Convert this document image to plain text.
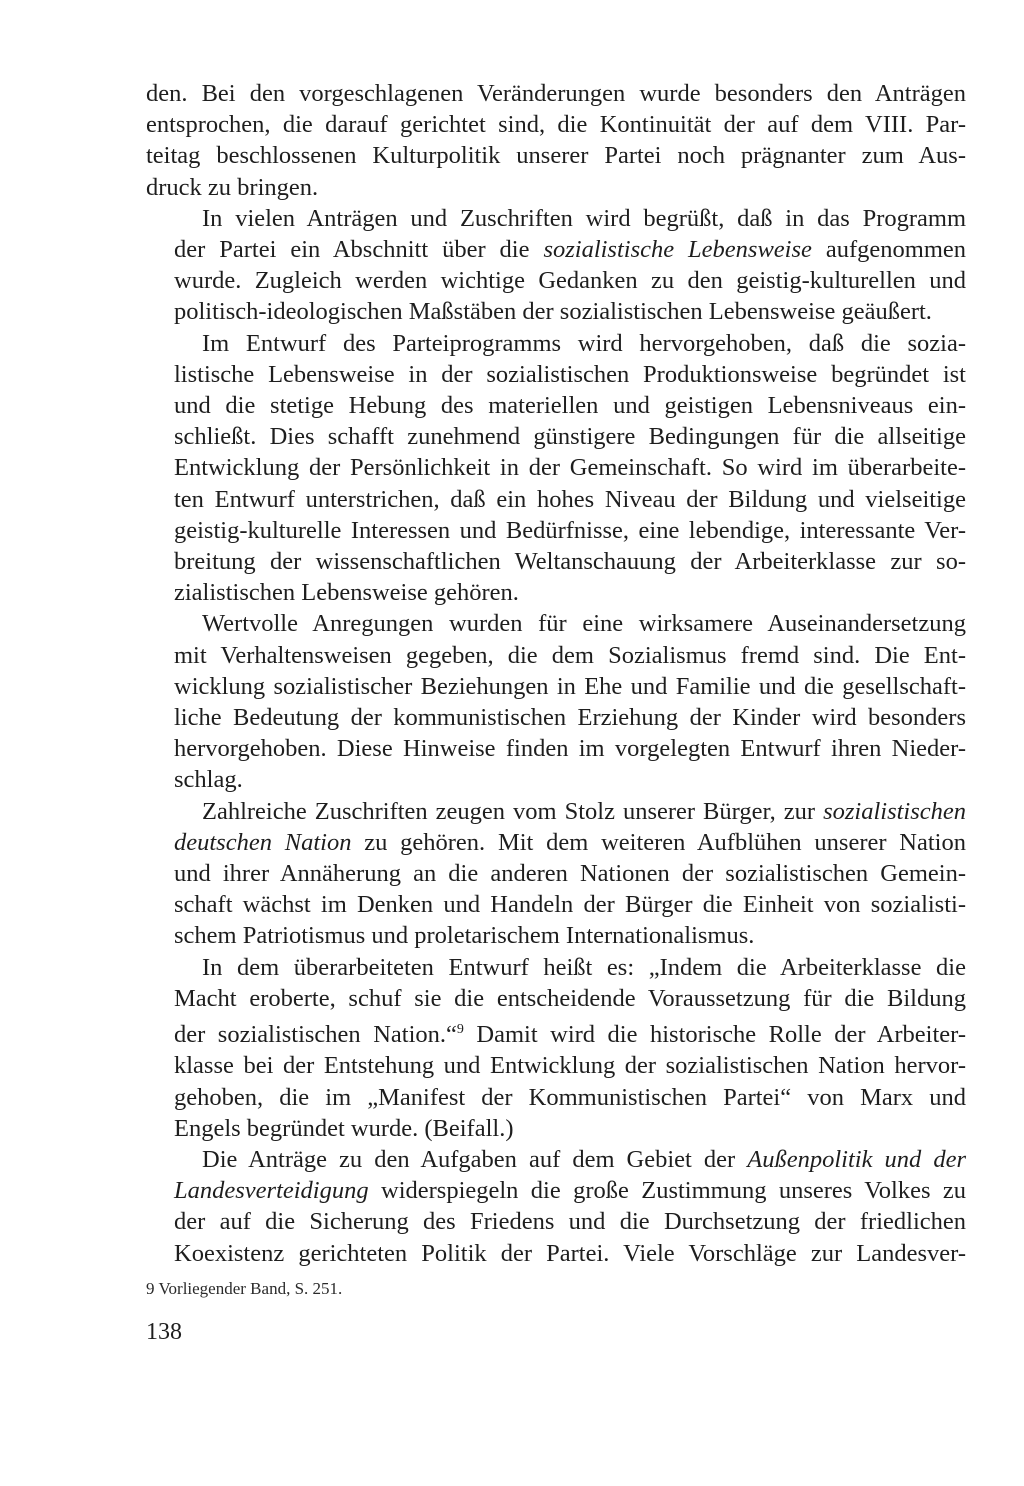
den. Bei den vorgeschlagenen Veränderungen wurde besonders den Anträgen
entsprochen, die darauf gerichtet sind, die Kontinuität der auf dem VIII. Par-
teitag beschlossenen Kulturpolitik unserer Partei noch prägnanter zum Aus-
druck zu bringen.

In vielen Anträgen und Zuschriften wird begrüßt, daß in das Programm
der Partei ein Abschnitt über die sozialistische Lebensweise aufgenommen
wurde. Zugleich werden wichtige Gedanken zu den geistig-kulturellen und
politisch-ideologischen Maßstäben der sozialistischen Lebensweise geäußert.

Im Entwurf des Parteiprogramms wird hervorgehoben, daß die sozia-
listische Lebensweise in der sozialistischen Produktionsweise begründet ist
und die stetige Hebung des materiellen und geistigen Lebensniveaus ein-
schließt. Dies schafft zunehmend günstigere Bedingungen für die allseitige
Entwicklung der Persönlichkeit in der Gemeinschaft. So wird im überarbeite-
ten Entwurf unterstrichen, daß ein hohes Niveau der Bildung und vielseitige
geistig-kulturelle Interessen und Bedürfnisse, eine lebendige, interessante Ver-
breitung der wissenschaftlichen Weltanschauung der Arbeiterklasse zur so-
zialistischen Lebensweise gehören.

Wertvolle Anregungen wurden für eine wirksamere Auseinandersetzung
mit Verhaltensweisen gegeben, die dem Sozialismus fremd sind. Die Ent-
wicklung sozialistischer Beziehungen in Ehe und Familie und die gesellschaft-
liche Bedeutung der kommunistischen Erziehung der Kinder wird besonders
hervorgehoben. Diese Hinweise finden im vorgelegten Entwurf ihren Nieder-
schlag.

Zahlreiche Zuschriften zeugen vom Stolz unserer Bürger, zur sozialistischen
deutschen Nation zu gehören. Mit dem weiteren Aufblühen unserer Nation
und ihrer Annäherung an die anderen Nationen der sozialistischen Gemein-
schaft wächst im Denken und Handeln der Bürger die Einheit von sozialisti-
schem Patriotismus und proletarischem Internationalismus.

In dem überarbeiteten Entwurf heißt es: „Indem die Arbeiterklasse die
Macht eroberte, schuf sie die entscheidende Voraussetzung für die Bildung
der sozialistischen Nation.“$^9$ Damit wird die historische Rolle der Arbeiter-
klasse bei der Entstehung und Entwicklung der sozialistischen Nation hervor-
gehoben, die im „Manifest der Kommunistischen Partei“ von Marx und
Engels begründet wurde. (Beifall.)

Die Anträge zu den Aufgaben auf dem Gebiet der Außenpolitik und der
Landesverteidigung widerspiegeln die große Zustimmung unseres Volkes zu
der auf die Sicherung des Friedens und die Durchsetzung der friedlichen
Koexistenz gerichteten Politik der Partei. Viele Vorschläge zur Landesver-

9 Vorliegender Band, S. 251.
138
